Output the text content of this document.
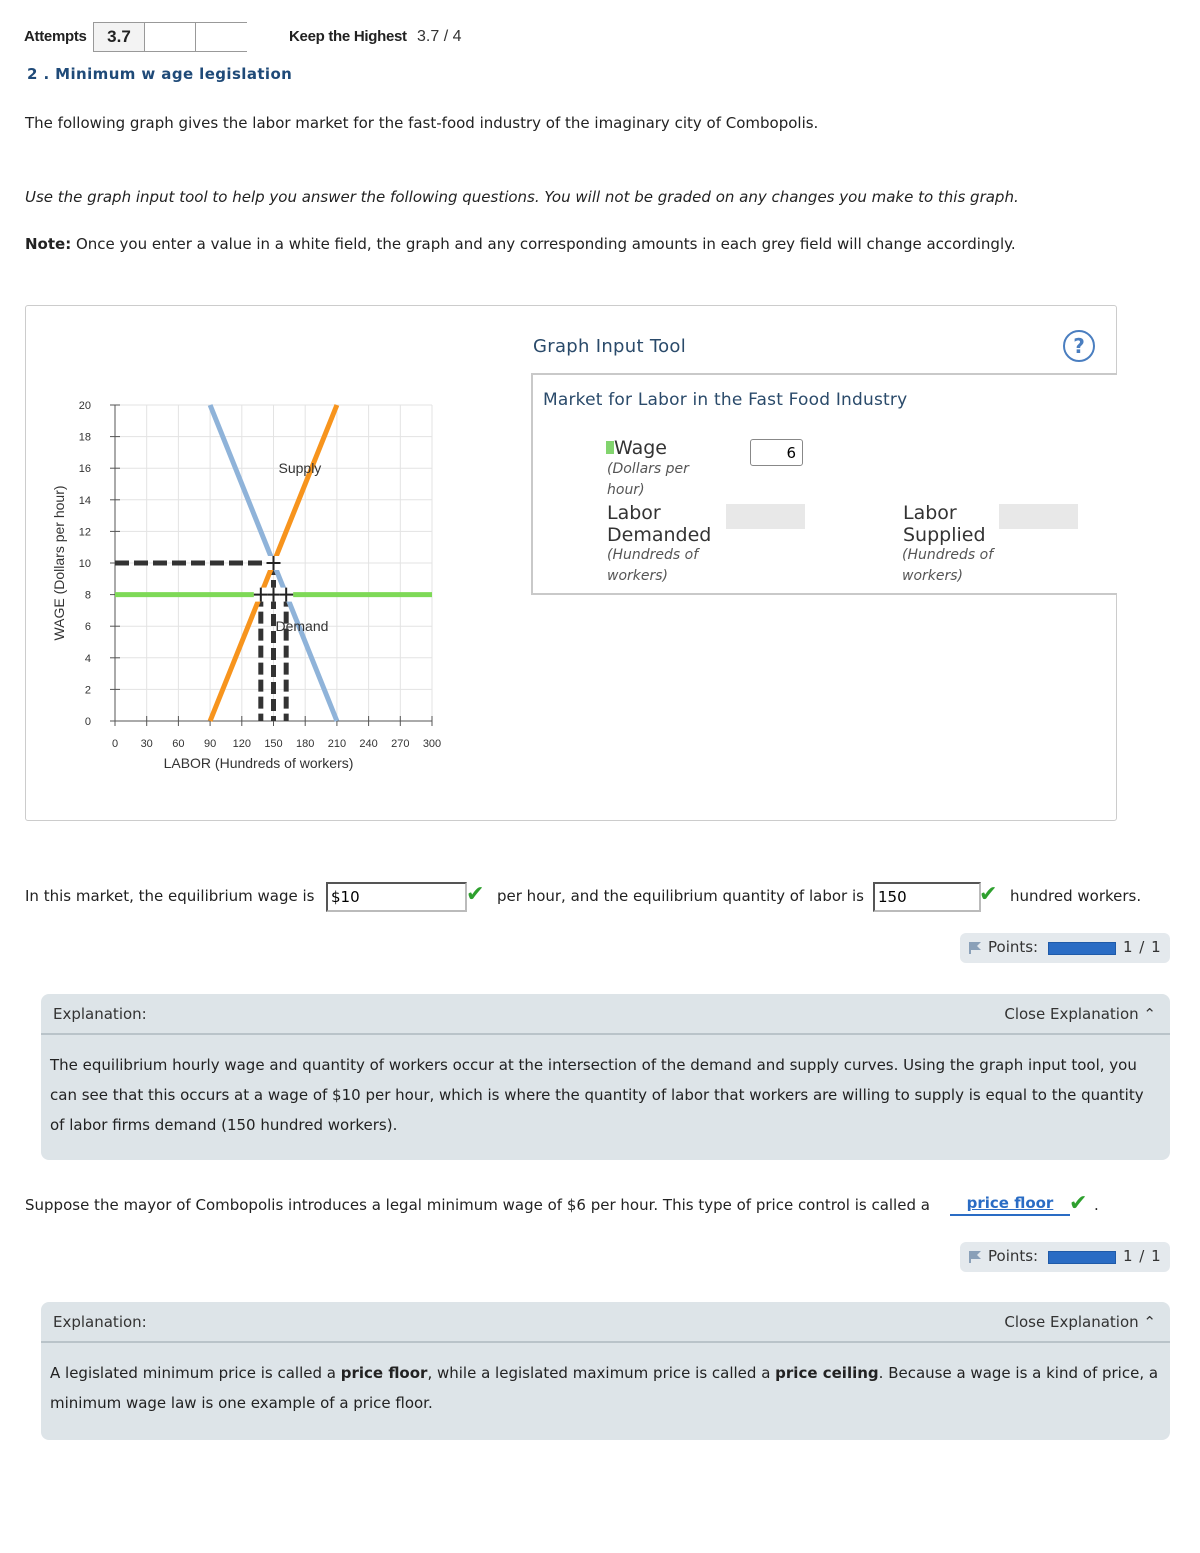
Attempts	3.7	Keep the Highest 3.7 / 4
2 . Minimum w age legislation
The following graph gives the labor market for the fast-food industry of the imaginary city of Combopolis.
Use the graph input tool to help you answer the following questions. You will not be graded on any changes you make to this graph.
Note: Once you enter a value in a white field, the graph and any corresponding amounts in each grey field will change accordingly.
0 30 60 90 120 150 180 210 240 270 300
0
2
4
6
8
10
12
14
16
18
20
LABOR (Hundreds of workers)
WAGE (Dollars per hour)
Supply
Demand
Graph Input Tool	?
Market for Labor in the Fast Food Industry
Wage
(Dollars per hour)
6
Labor Demanded
(Hundreds of workers)
Labor Supplied
(Hundreds of workers)
In this market, the equilibrium wage is
$10	✔ per hour, and the equilibrium quantity of labor is
150	✔ hundred workers.
Points:	1 / 1
Explanation:	Close Explanation ⌃
The equilibrium hourly wage and quantity of workers occur at the intersection of the demand and supply curves. Using the graph input tool, you can see that this occurs at a wage of $10 per hour, which is where the quantity of labor that workers are willing to supply is equal to the quantity of labor firms demand (150 hundred workers).
Suppose the mayor of Combopolis introduces a legal minimum wage of $6 per hour. This type of price control is called a	price floor ✔ .
Points:	1 / 1
Explanation:	Close Explanation ⌃
A legislated minimum price is called a price floor, while a legislated maximum price is called a price ceiling. Because a wage is a kind of price, a minimum wage law is one example of a price floor.
